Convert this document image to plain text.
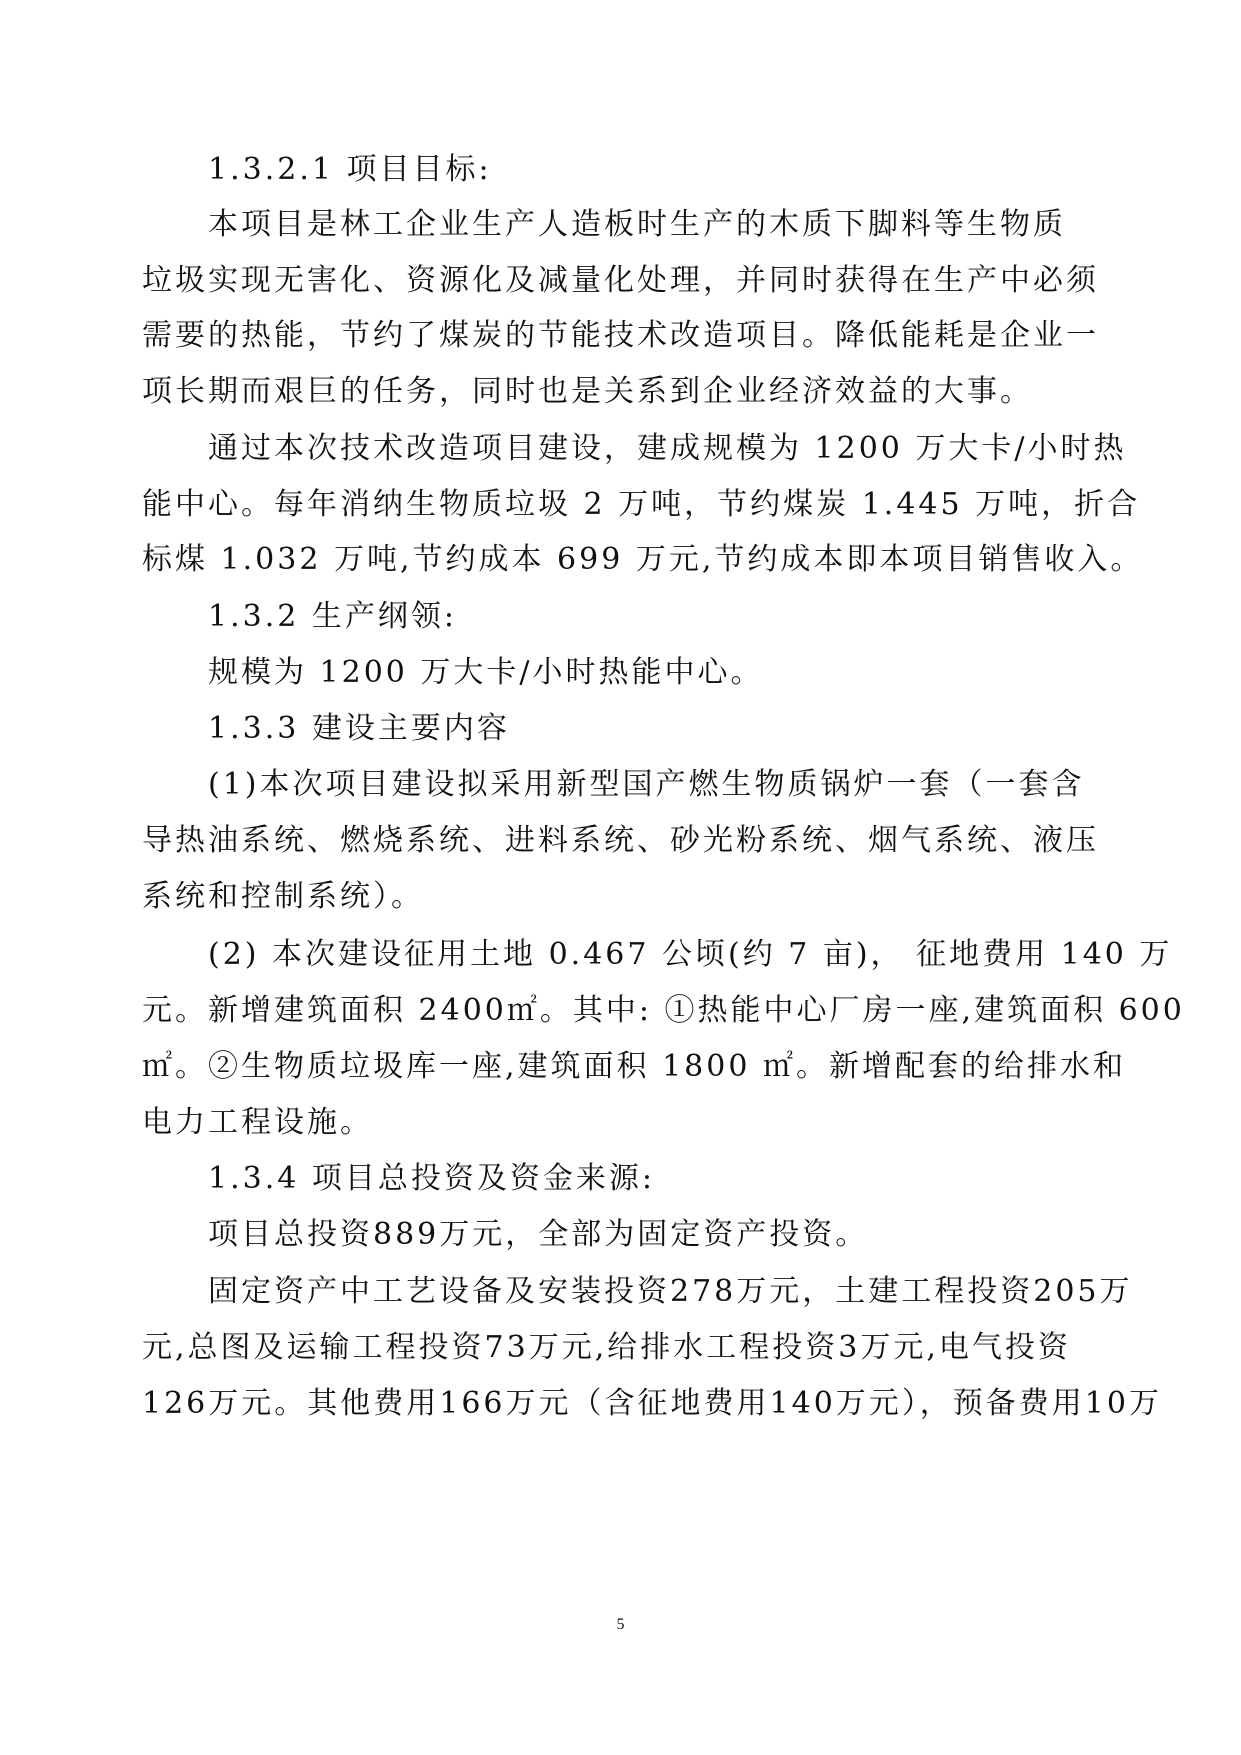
1.3.2.1 项目目标:
本项目是林工企业生产人造板时生产的木质下脚料等生物质
垃圾实现无害化、资源化及减量化处理，并同时获得在生产中必须
需要的热能，节约了煤炭的节能技术改造项目。降低能耗是企业一
项长期而艰巨的任务，同时也是关系到企业经济效益的大事。
通过本次技术改造项目建设，建成规模为 1200 万大卡/小时热
能中心。每年消纳生物质垃圾 2 万吨，节约煤炭 1.445 万吨，折合
标煤 1.032 万吨,节约成本 699 万元,节约成本即本项目销售收入。
1.3.2 生产纲领:
规模为 1200 万大卡/小时热能中心。
1.3.3 建设主要内容
(1)本次项目建设拟采用新型国产燃生物质锅炉一套（一套含
导热油系统、燃烧系统、进料系统、砂光粉系统、烟气系统、液压
系统和控制系统）。
(2) 本次建设征用土地 0.467 公顷(约 7 亩)， 征地费用 140 万
元。新增建筑面积 2400㎡。其中: ①热能中心厂房一座,建筑面积 600
㎡。②生物质垃圾库一座,建筑面积 1800 ㎡。新增配套的给排水和
电力工程设施。
1.3.4 项目总投资及资金来源:
项目总投资889万元，全部为固定资产投资。
固定资产中工艺设备及安装投资278万元，土建工程投资205万
元,总图及运输工程投资73万元,给排水工程投资3万元,电气投资
126万元。其他费用166万元（含征地费用140万元），预备费用10万
5
